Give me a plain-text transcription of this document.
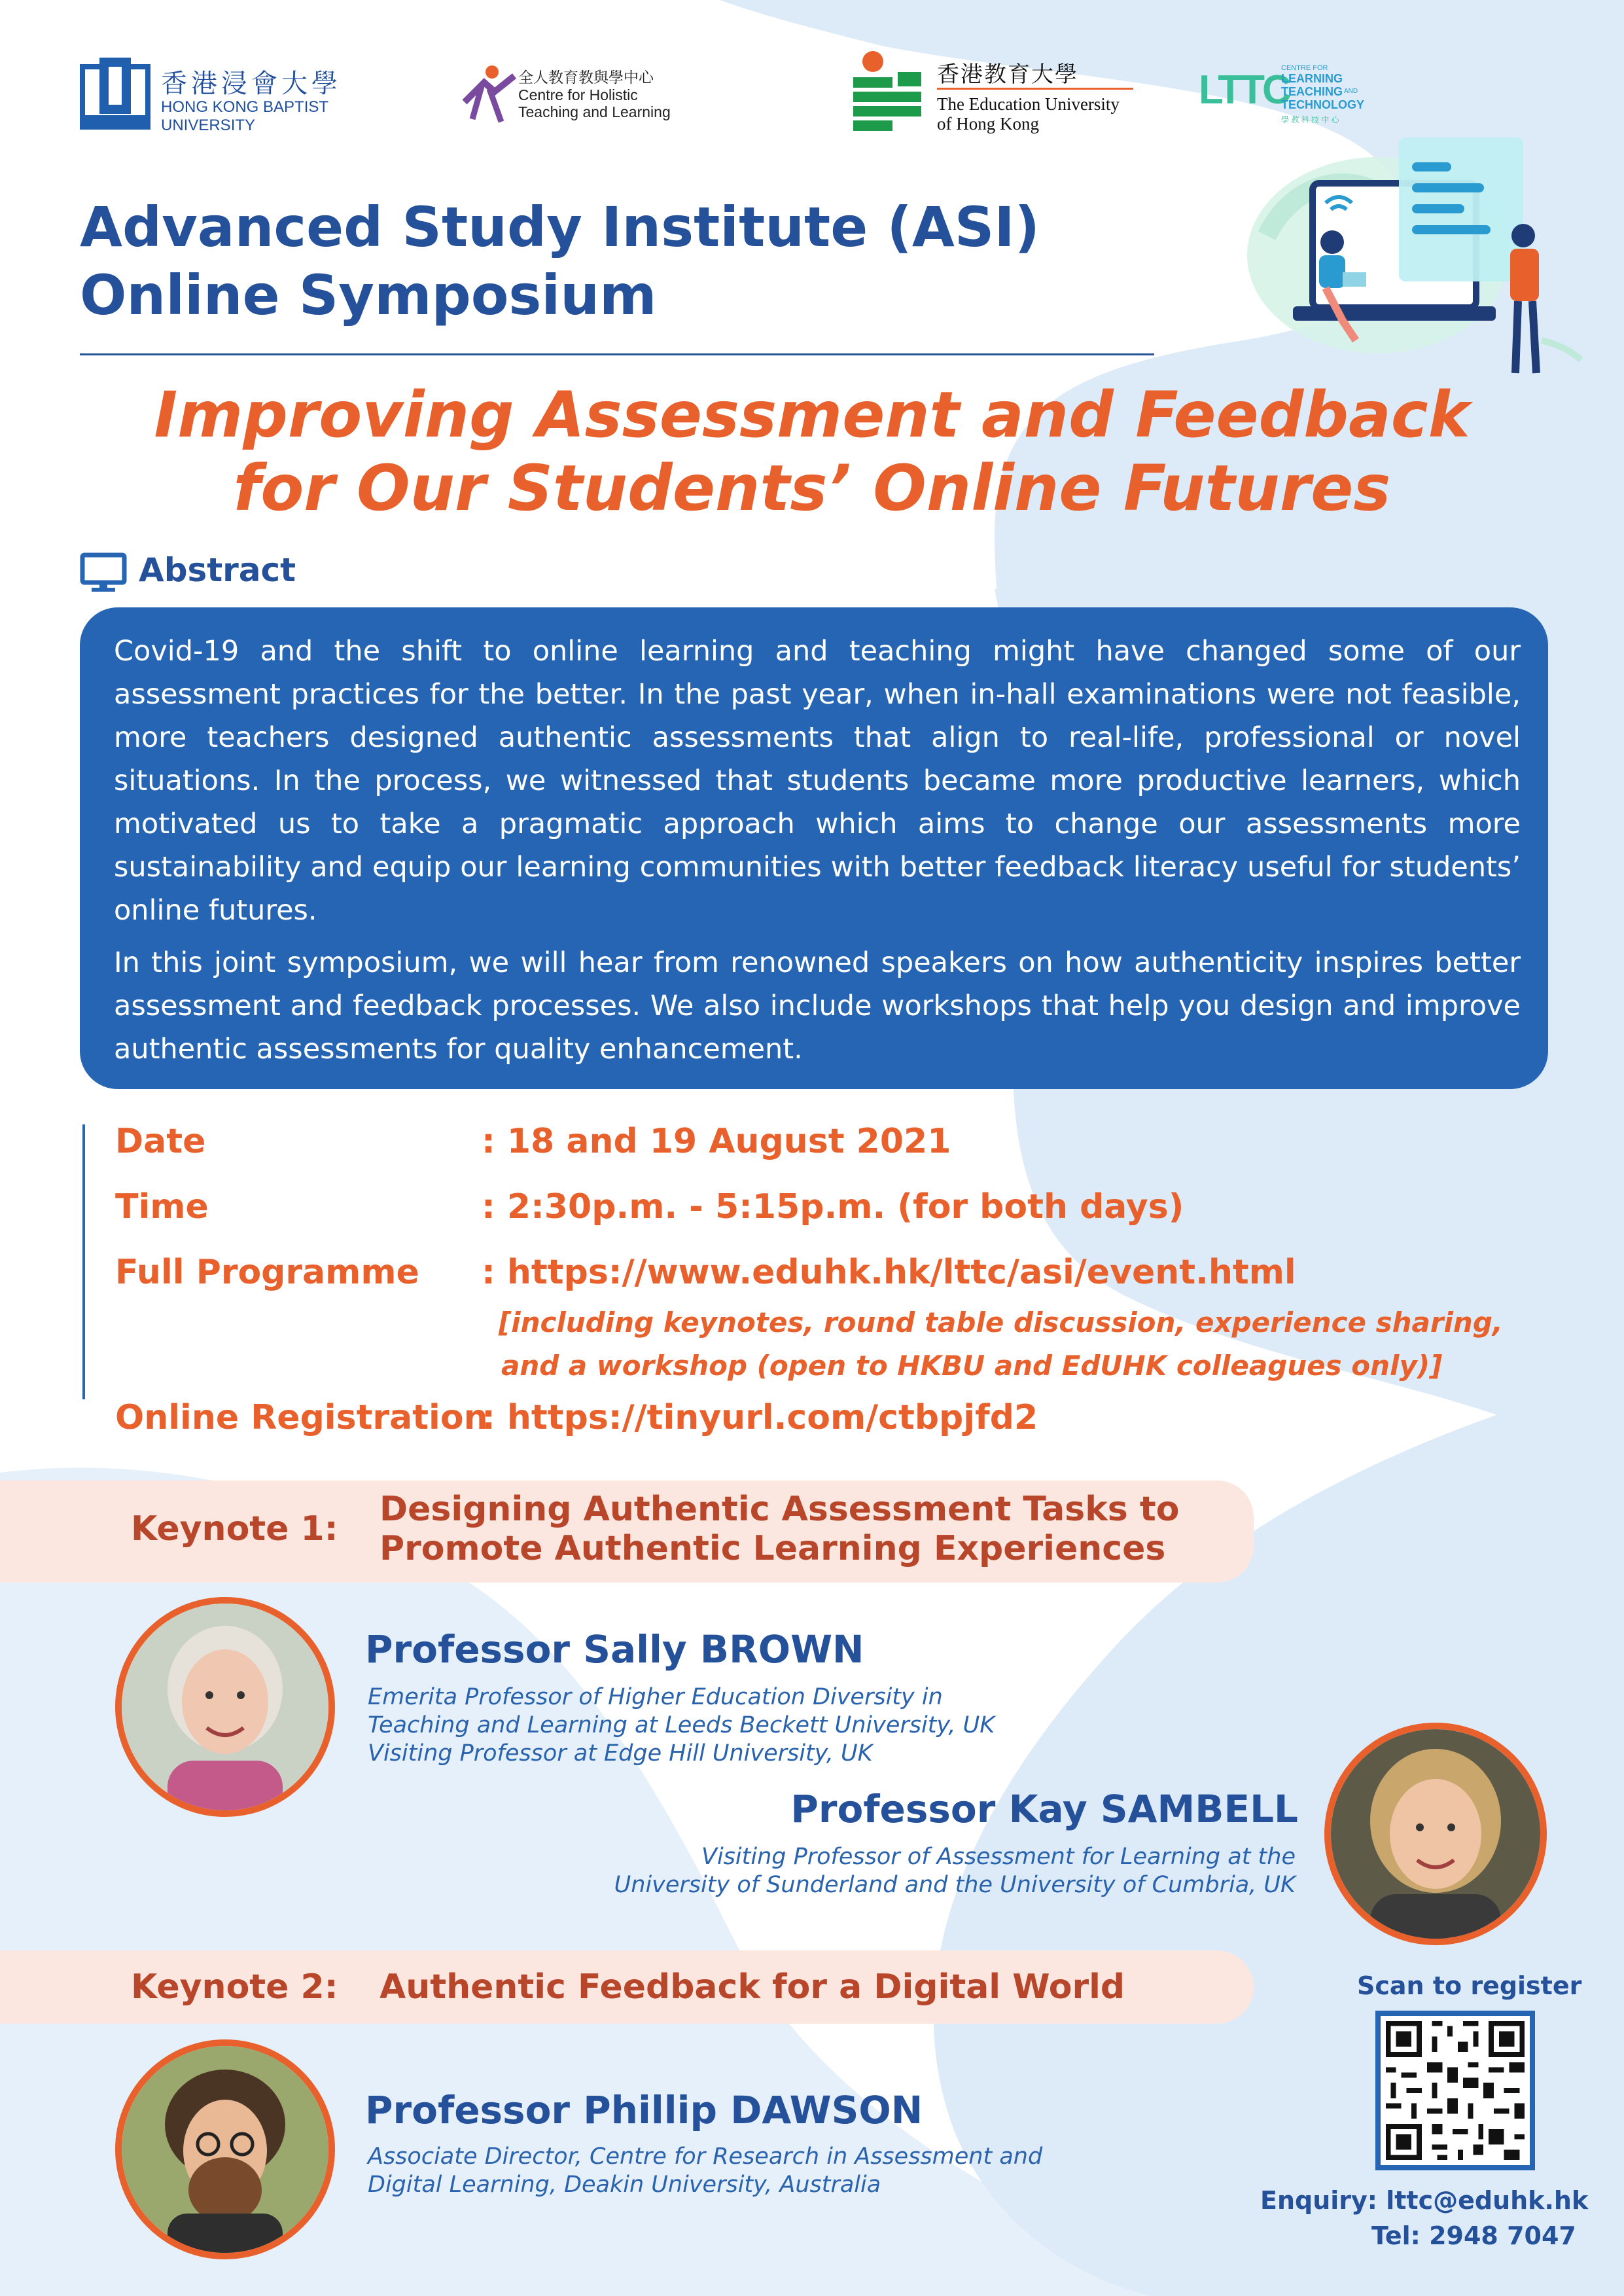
香港浸會大學
HONG KONG BAPTIST UNIVERSITY
全人教育教與學中心
Centre for Holistic
Teaching and Learning
香港教育大學
The Education University
of Hong Kong
LTTC
CENTRE FOR
LEARNING
TEACHING AND
TECHNOLOGY
學 教 科 技 中 心
Advanced Study Institute (ASI)
Online Symposium
Improving Assessment and Feedback
for Our Students’ Online Futures
Abstract

Covid-19 and the shift to online learning and teaching might have changed some of our assessment practices for the better. In the past year, when in-hall examinations were not feasible, more teachers designed authentic assessments that align to real-life, professional or novel situations. In the process, we witnessed that students became more productive learners, which motivated us to take a pragmatic approach which aims to change our assessments more sustainability and equip our learning communities with better feedback literacy useful for students’ online futures.

In this joint symposium, we will hear from renowned speakers on how authenticity inspires better assessment and feedback processes. We also include workshops that help you design and improve authentic assessments for quality enhancement.

Date	: 18 and 19 August 2021
Time	: 2:30p.m. - 5:15p.m. (for both days)
Full Programme : https://www.eduhk.hk/lttc/asi/event.html
[including keynotes, round table discussion, experience sharing,
and a workshop (open to HKBU and EdUHK colleagues only)]
Online Registration
: https://tinyurl.com/ctbpjfd2
Keynote 1: Designing Authentic Assessment Tasks to
Promote Authentic Learning Experiences
Professor Sally BROWN
Emerita Professor of Higher Education Diversity in
Teaching and Learning at Leeds Beckett University, UK
Visiting Professor at Edge Hill University, UK
Professor Kay SAMBELL
Visiting Professor of Assessment for Learning at the
University of Sunderland and the University of Cumbria, UK
Keynote 2: Authentic Feedback for a Digital World
Professor Phillip DAWSON
Associate Director, Centre for Research in Assessment and
Digital Learning, Deakin University, Australia
Scan to register
Enquiry: lttc@eduhk.hk
Tel: 2948 7047
